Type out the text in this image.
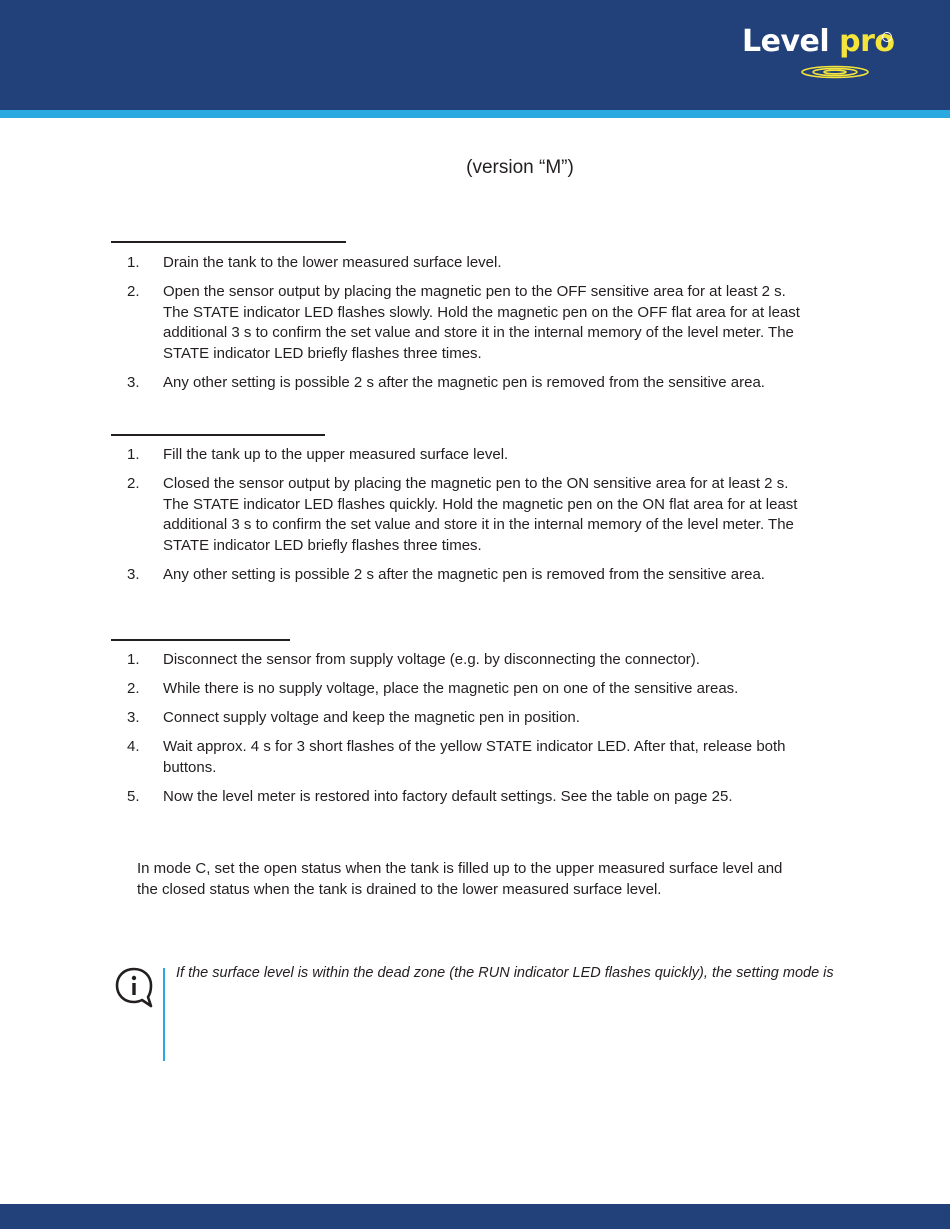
Level pro
(version “M”)
1. Drain the tank to the lower measured surface level.
2. Open the sensor output by placing the magnetic pen to the OFF sensitive area for at least 2 s. The STATE indicator LED flashes slowly. Hold the magnetic pen on the OFF flat area for at least additional 3 s to confirm the set value and store it in the internal memory of the level meter. The STATE indicator LED briefly flashes three times.
3. Any other setting is possible 2 s after the magnetic pen is removed from the sensitive area.
1. Fill the tank up to the upper measured surface level.
2. Closed the sensor output by placing the magnetic pen to the ON sensitive area for at least 2 s. The STATE indicator LED flashes quickly. Hold the magnetic pen on the ON flat area for at least additional 3 s to confirm the set value and store it in the internal memory of the level meter. The STATE indicator LED briefly flashes three times.
3. Any other setting is possible 2 s after the magnetic pen is removed from the sensitive area.
1. Disconnect the sensor from supply voltage (e.g. by disconnecting the connector).
2. While there is no supply voltage, place the magnetic pen on one of the sensitive areas.
3. Connect supply voltage and keep the magnetic pen in position.
4. Wait approx. 4 s for 3 short flashes of the yellow STATE indicator LED. After that, release both buttons.
5. Now the level meter is restored into factory default settings. See the table on page 25.

In mode C, set the open status when the tank is filled up to the upper measured surface level and the closed status when the tank is drained to the lower measured surface level.

If the surface level is within the dead zone (the RUN indicator LED flashes quickly), the setting mode is
